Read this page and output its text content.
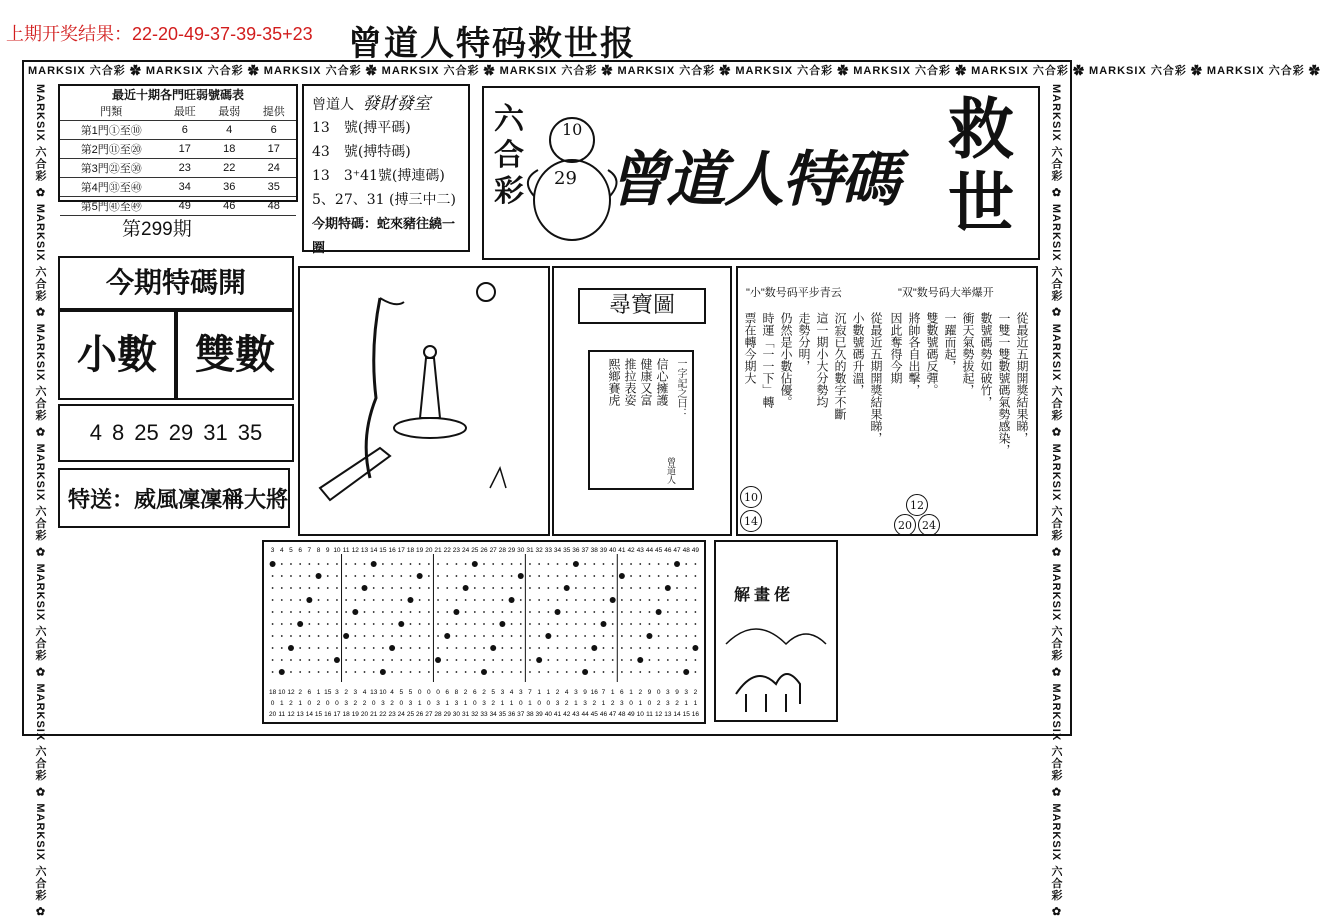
上期开奖结果：22-20-49-37-39-35+23 曾道人特码救世报
MARKSIX 六合彩 ✿ MARKSIX 六合彩 ✿ MARKSIX 六合彩 ✿ MARKSIX 六合彩 ✿ MARKSIX 六合彩 ✿ MARKSIX 六合彩 ✿ MARKSIX 六合彩 ✿ MARKSIX 六合彩 ✿ MARKSIX 六合彩 ✿ MARKSIX 六合彩 ✿ MARKSIX 六合彩 ✿
MARKSIX 六合彩 ✿ MARKSIX 六合彩 ✿ MARKSIX 六合彩 ✿ MARKSIX 六合彩 ✿ MARKSIX 六合彩 ✿ MARKSIX 六合彩 ✿ MARKSIX 六合彩 ✿	MARKSIX 六合彩 ✿ MARKSIX 六合彩 ✿ MARKSIX 六合彩 ✿ MARKSIX 六合彩 ✿ MARKSIX 六合彩 ✿ MARKSIX 六合彩 ✿ MARKSIX 六合彩 ✿
最近十期各門旺弱號碼表
門類	最旺	最弱	提供
第1門①至⑩	6	4	6
第2門⑪至⑳	17	18	17
第3門㉑至㉚	23	22	24
第4門㉛至㊵	34	36	35
第5門㊶至㊾	49	46	48
第299期
曾道人 發財發室
13　號(搏平碼)
43　號(搏特碼)
13　3⁺41號(搏連碼)
5、27、31 (搏三中二)
今期特碼：蛇來豬往繞一圈
六合彩
10
29 曾道人特碼
救世
今期特碼開
小數 雙數
4 8 25 29 31 35
特送：威風凜凜稱大將
尋寶圖
一字記之曰：
信心擁護
健康又富
推拉表姿
熙鄉賽虎
曾道人
"小"数号码平步青云	"双"数号码大举爆开
從最近五期開獎結果睇，
小數號碼升溫，
沉寂已久的數字不斷
這一期小大分勢均
走勢分明，
仍然是小數佔優。
時運「一一下」轉
票在轉今期大	從最近五期開獎結果睇，
一雙一雙數號碼氣勢感染，
數號碼勢如破竹，
衝天氣勢拔起，
一躍而起，
雙數號碼反彈。
將帥各自出擊，
因此奪得今期
10
14
12
20 24
3 4 5 6 7 8 9 10 11 12 13 14 15 16 17 18 19 20 21 22 23 24 25 26 27 28 29 30 31 32 33 34 35 36 37 38 39 40 41 42 43 44 45 46 47 48 49
18 10 12 2 6 1 15 3 2 3 4 13 10 4 5 5 0 0 0 6 8 2 6 2 5 3 4 3 7 1 1 2 4 3 9 16 7 1 6 1 2 9 0 3 9 3 2
0 1 2 1 0 2 0 0 3 2 2 0 3 2 0 3 1 0 3 1 3 1 0 3 2 1 1 0 1 0 0 3 2 1 3 2 1 2 3 0 1 0 2 3 2 1 1
20 11 12 13 14 15 16 17 18 19 20 21 22 23 24 25 26 27 28 29 30 31 32 33 34 35 36 37 38 39 40 41 42 43 44 45 46 47 48 49 10 11 12 13 14 15 16
解畫佬
